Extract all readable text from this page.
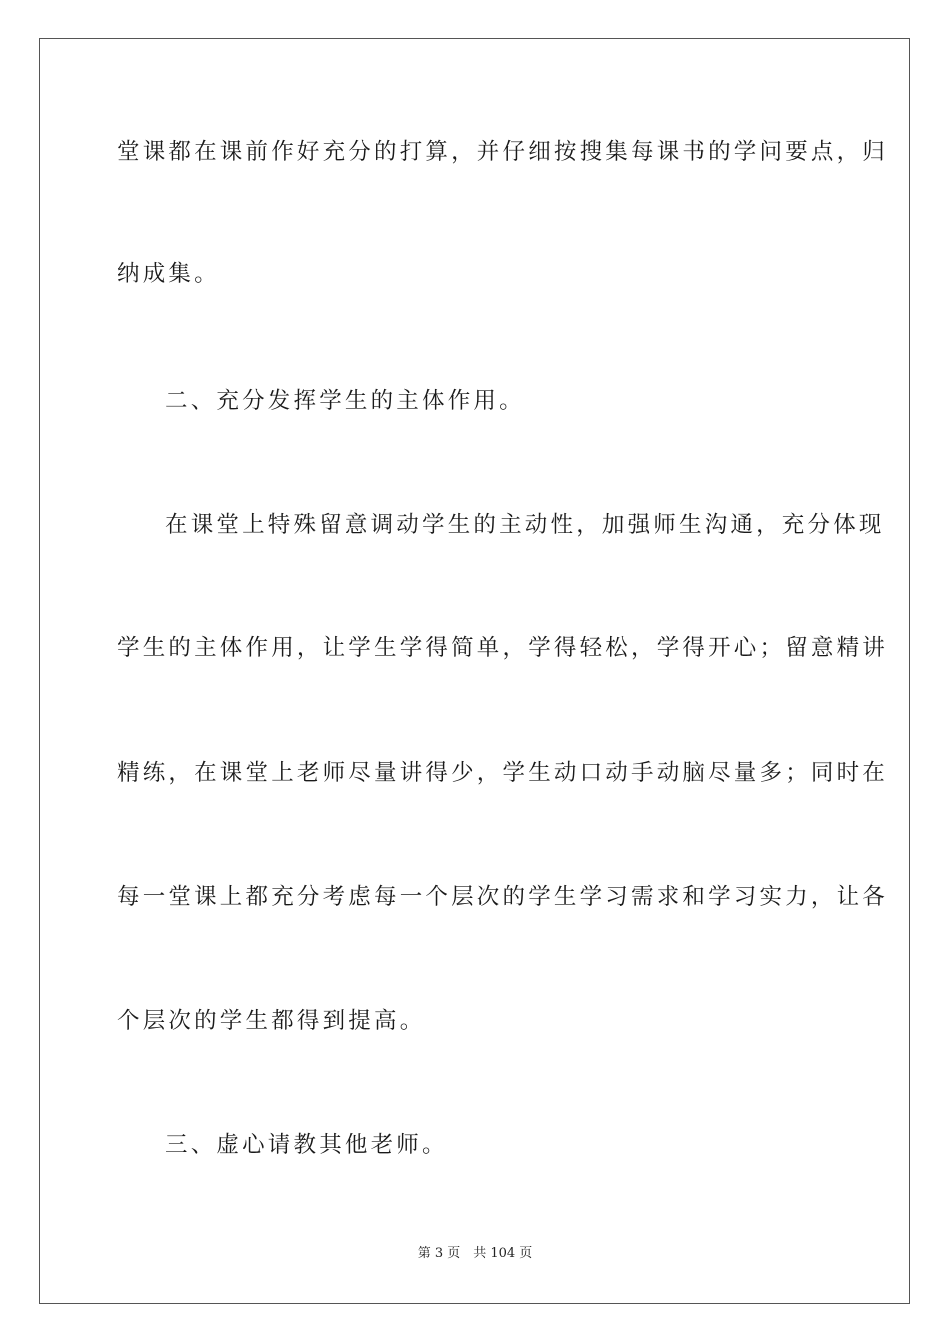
堂课都在课前作好充分的打算，并仔细按搜集每课书的学问要点，归
纳成集。
二、充分发挥学生的主体作用。
在课堂上特殊留意调动学生的主动性，加强师生沟通，充分体现
学生的主体作用，让学生学得简单，学得轻松，学得开心；留意精讲
精练，在课堂上老师尽量讲得少，学生动口动手动脑尽量多；同时在
每一堂课上都充分考虑每一个层次的学生学习需求和学习实力，让各
个层次的学生都得到提高。
三、虚心请教其他老师。
第 3 页　共 104 页
